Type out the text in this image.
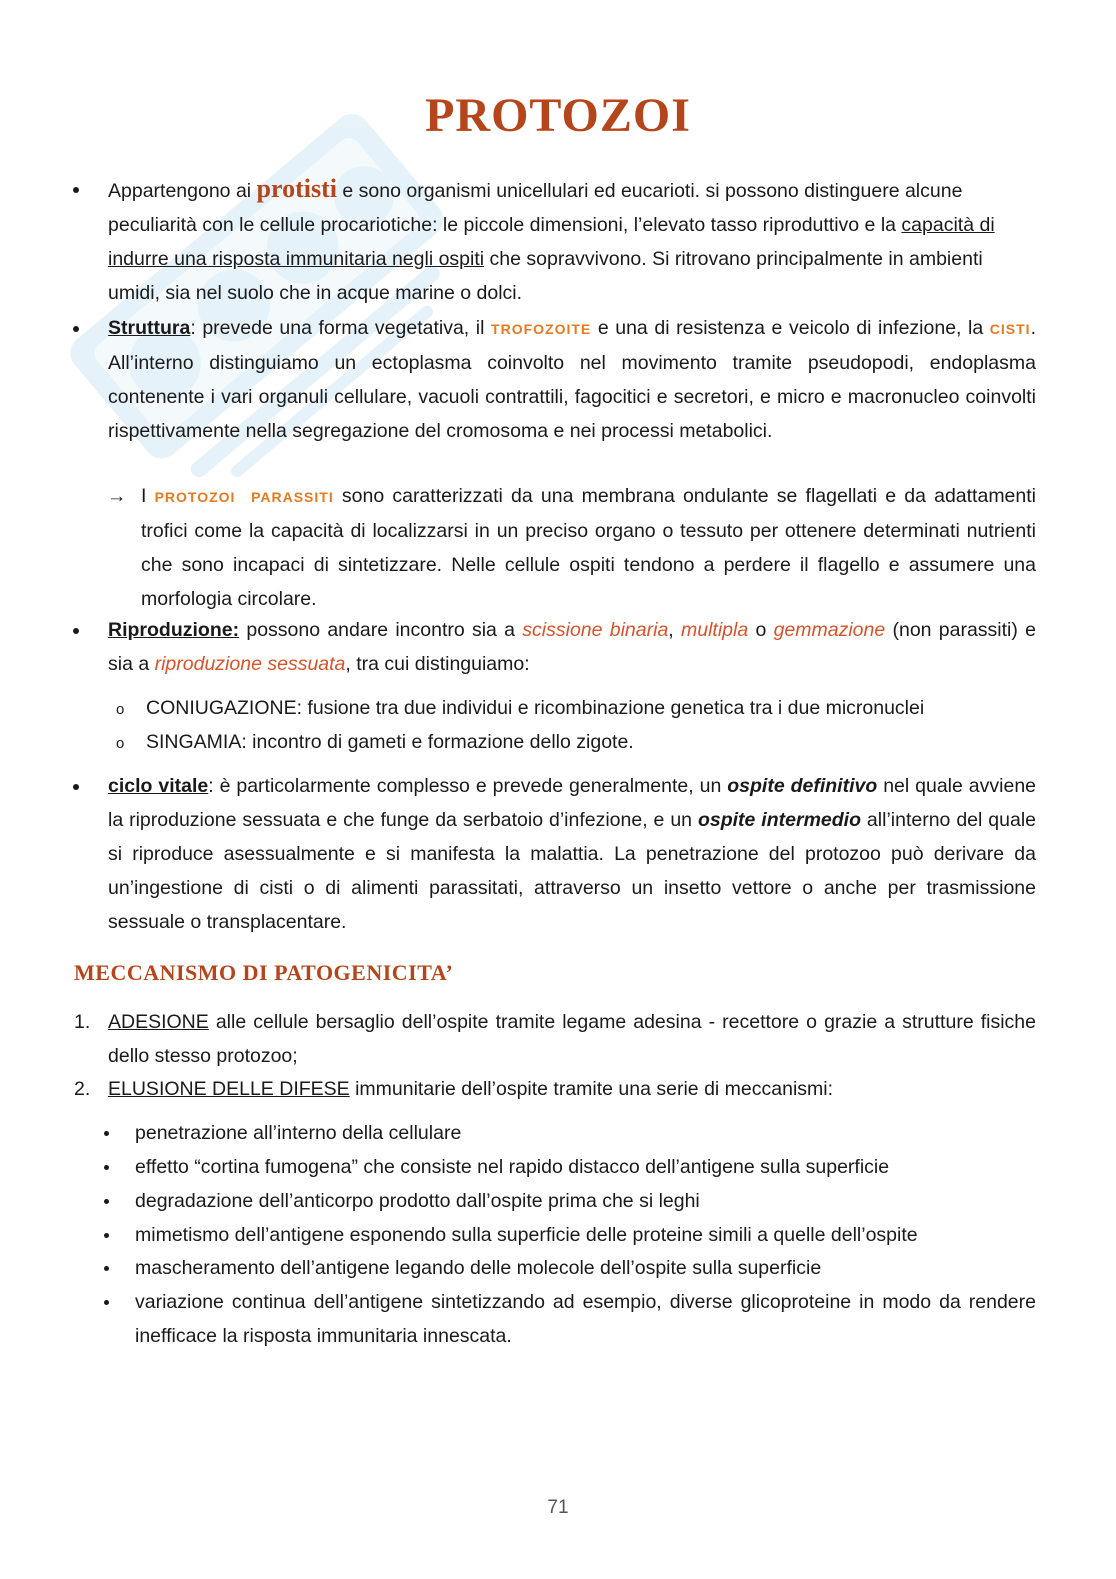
PROTOZOI
Appartengono ai protisti e sono organismi unicellulari ed eucarioti. si possono distinguere alcune peculiarità con le cellule procariotiche: le piccole dimensioni, l’elevato tasso riproduttivo e la capacità di indurre una risposta immunitaria negli ospiti che sopravvivono. Si ritrovano principalmente in ambienti umidi, sia nel suolo che in acque marine o dolci.
Struttura: prevede una forma vegetativa, il TROFOZOITE e una di resistenza e veicolo di infezione, la CISTI. All’interno distinguiamo un ectoplasma coinvolto nel movimento tramite pseudopodi, endoplasma contenente i vari organuli cellulare, vacuoli contrattili, fagocitici e secretori, e micro e macronucleo coinvolti rispettivamente nella segregazione del cromosoma e nei processi metabolici.
→ I PROTOZOI PARASSITI sono caratterizzati da una membrana ondulante se flagellati e da adattamenti trofici come la capacità di localizzarsi in un preciso organo o tessuto per ottenere determinati nutrienti che sono incapaci di sintetizzare. Nelle cellule ospiti tendono a perdere il flagello e assumere una morfologia circolare.
Riproduzione: possono andare incontro sia a scissione binaria, multipla o gemmazione (non parassiti) e sia a riproduzione sessuata, tra cui distinguiamo:
o CONIUGAZIONE: fusione tra due individui e ricombinazione genetica tra i due micronuclei
o SINGAMIA: incontro di gameti e formazione dello zigote.
ciclo vitale: è particolarmente complesso e prevede generalmente, un ospite definitivo nel quale avviene la riproduzione sessuata e che funge da serbatoio d’infezione, e un ospite intermedio all’interno del quale si riproduce asessualmente e si manifesta la malattia. La penetrazione del protozoo può derivare da un’ingestione di cisti o di alimenti parassitati, attraverso un insetto vettore o anche per trasmissione sessuale o transplacentare.
MECCANISMO DI PATOGENICITA’
1. ADESIONE alle cellule bersaglio dell’ospite tramite legame adesina - recettore o grazie a strutture fisiche dello stesso protozoo;
2. ELUSIONE DELLE DIFESE immunitarie dell’ospite tramite una serie di meccanismi:
penetrazione all’interno della cellulare
effetto “cortina fumogena” che consiste nel rapido distacco dell’antigene sulla superficie
degradazione dell’anticorpo prodotto dall’ospite prima che si leghi
mimetismo dell’antigene esponendo sulla superficie delle proteine simili a quelle dell’ospite
mascheramento dell’antigene legando delle molecole dell’ospite sulla superficie
variazione continua dell’antigene sintetizzando ad esempio, diverse glicoproteine in modo da rendere inefficace la risposta immunitaria innescata.
71
